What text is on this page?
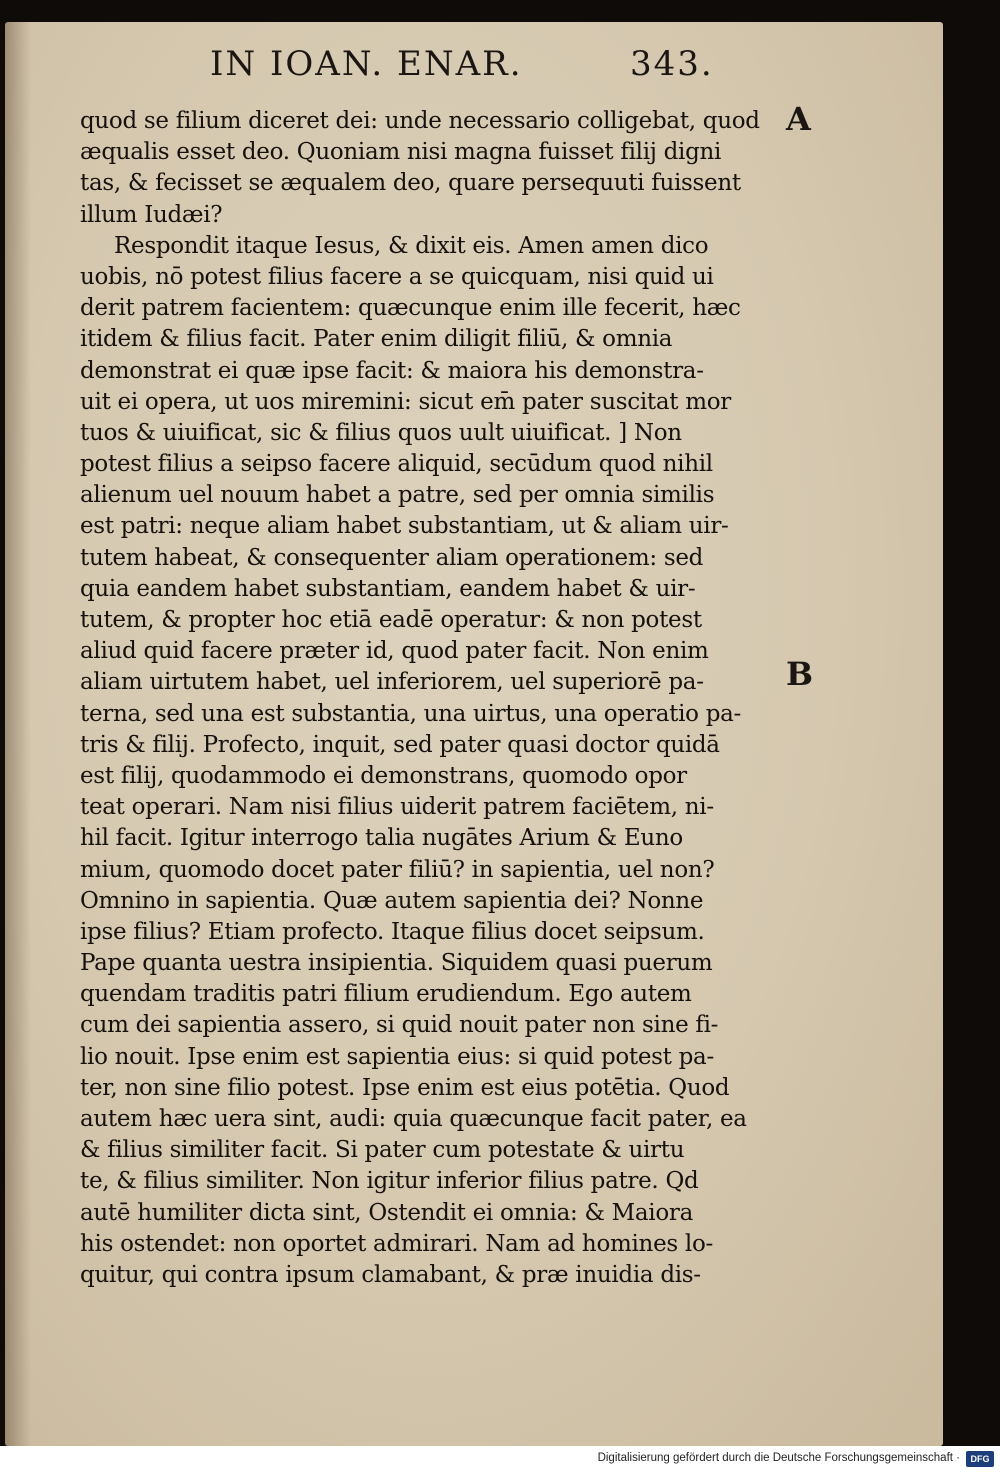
IN IOAN. ENAR.	343.
A
B
quod se filium diceret dei: unde necessario colligebat, quod
æqualis esset deo. Quoniam nisi magna fuisset filij digni
tas, & fecisset se æqualem deo, quare persequuti fuissent
illum Iudæi?
Respondit itaque Iesus, & dixit eis. Amen amen dico
uobis, nō potest filius facere a se quicquam, nisi quid ui
derit patrem facientem: quæcunque enim ille fecerit, hæc
itidem & filius facit. Pater enim diligit filiū, & omnia
demonstrat ei quæ ipse facit: & maiora his demonstra-
uit ei opera, ut uos miremini: sicut em̄ pater suscitat mor
tuos & uiuificat, sic & filius quos uult uiuificat. ] Non
potest filius a seipso facere aliquid, secūdum quod nihil
alienum uel nouum habet a patre, sed per omnia similis
est patri: neque aliam habet substantiam, ut & aliam uir-
tutem habeat, & consequenter aliam operationem: sed
quia eandem habet substantiam, eandem habet & uir-
tutem, & propter hoc etiā eadē operatur: & non potest
aliud quid facere præter id, quod pater facit. Non enim
aliam uirtutem habet, uel inferiorem, uel superiorē pa-
terna, sed una est substantia, una uirtus, una operatio pa-
tris & filij. Profecto, inquit, sed pater quasi doctor quidā
est filij, quodammodo ei demonstrans, quomodo opor
teat operari. Nam nisi filius uiderit patrem faciētem, ni-
hil facit. Igitur interrogo talia nugātes Arium & Euno
mium, quomodo docet pater filiū? in sapientia, uel non?
Omnino in sapientia. Quæ autem sapientia dei? Nonne
ipse filius? Etiam profecto. Itaque filius docet seipsum.
Pape quanta uestra insipientia. Siquidem quasi puerum
quendam traditis patri filium erudiendum. Ego autem
cum dei sapientia assero, si quid nouit pater non sine fi-
lio nouit. Ipse enim est sapientia eius: si quid potest pa-
ter, non sine filio potest. Ipse enim est eius potētia. Quod
autem hæc uera sint, audi: quia quæcunque facit pater, ea
& filius similiter facit. Si pater cum potestate & uirtu
te, & filius similiter. Non igitur inferior filius patre. Qd
autē humiliter dicta sint, Ostendit ei omnia: & Maiora
his ostendet: non oportet admirari. Nam ad homines lo-
quitur, qui contra ipsum clamabant, & præ inuidia dis-
Digitalisierung gefördert durch die Deutsche Forschungsgemeinschaft ·	DFG
